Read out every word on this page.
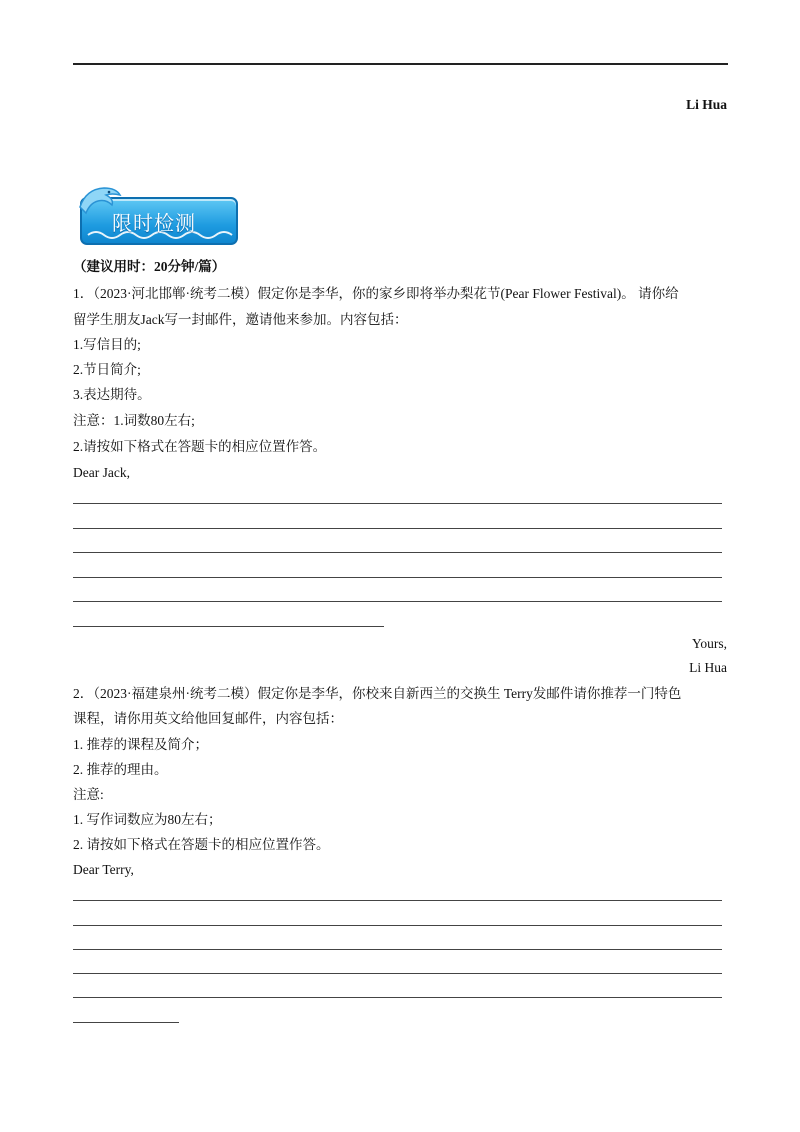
Li Hua
限时检测
（建议用时：20分钟/篇）
1．（2023·河北邯郸·统考二模）假定你是李华，你的家乡即将举办梨花节(Pear Flower Festival)。 请你给
留学生朋友Jack写一封邮件，邀请他来参加。内容包括：
1.写信目的;
2.节日简介;
3.表达期待。
注意：1.词数80左右;
2.请按如下格式在答题卡的相应位置作答。
Dear Jack,
Yours,
Li Hua
2．（2023·福建泉州·统考二模）假定你是李华，你校来自新西兰的交换生 Terry发邮件请你推荐一门特色
课程，请你用英文给他回复邮件，内容包括：
1. 推荐的课程及简介；
2. 推荐的理由。
注意:
1. 写作词数应为80左右；
2. 请按如下格式在答题卡的相应位置作答。
Dear Terry,
